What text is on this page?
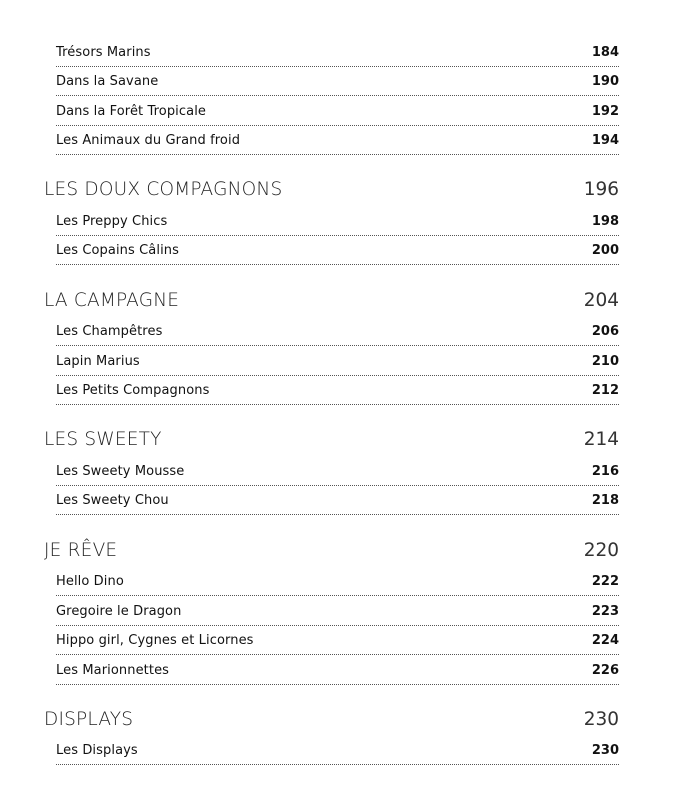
Trésors Marins	184
Dans la Savane	190
Dans la Forêt Tropicale	192
Les Animaux du Grand froid	194
LES DOUX COMPAGNONS	196
Les Preppy Chics	198
Les Copains Câlins	200
LA CAMPAGNE	204
Les Champêtres	206
Lapin Marius	210
Les Petits Compagnons	212
LES SWEETY	214
Les Sweety Mousse	216
Les Sweety Chou	218
JE RÊVE	220
Hello Dino	222
Gregoire le Dragon	223
Hippo girl, Cygnes et Licornes	224
Les Marionnettes	226
DISPLAYS	230
Les Displays	230
